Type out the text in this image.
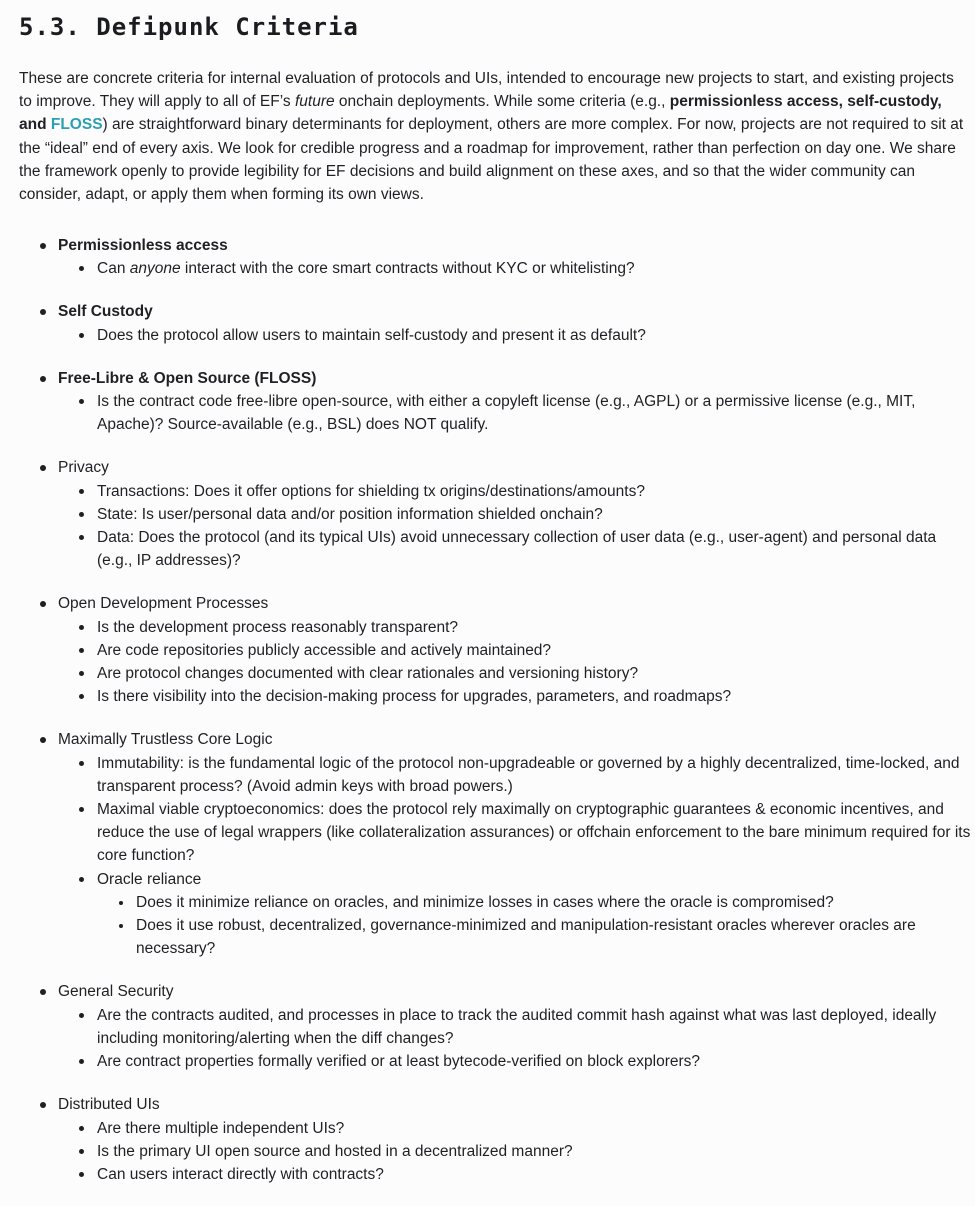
5.3. Defipunk Criteria

These are concrete criteria for internal evaluation of protocols and UIs, intended to encourage new projects to start, and existing projects to improve. They will apply to all of EF’s future onchain deployments. While some criteria (e.g., permissionless access, self-custody, and FLOSS) are straightforward binary determinants for deployment, others are more complex. For now, projects are not required to sit at the “ideal” end of every axis. We look for credible progress and a roadmap for improvement, rather than perfection on day one. We share the framework openly to provide legibility for EF decisions and build alignment on these axes, and so that the wider community can consider, adapt, or apply them when forming its own views.

Permissionless access
Can anyone interact with the core smart contracts without KYC or whitelisting?
Self Custody
Does the protocol allow users to maintain self-custody and present it as default?
Free-Libre & Open Source (FLOSS)
Is the contract code free-libre open-source, with either a copyleft license (e.g., AGPL) or a permissive license (e.g., MIT, Apache)? Source-available (e.g., BSL) does NOT qualify.
Privacy
Transactions: Does it offer options for shielding tx origins/destinations/amounts?
State: Is user/personal data and/or position information shielded onchain?
Data: Does the protocol (and its typical UIs) avoid unnecessary collection of user data (e.g., user-agent) and personal data (e.g., IP addresses)?
Open Development Processes
Is the development process reasonably transparent?
Are code repositories publicly accessible and actively maintained?
Are protocol changes documented with clear rationales and versioning history?
Is there visibility into the decision-making process for upgrades, parameters, and roadmaps?
Maximally Trustless Core Logic
Immutability: is the fundamental logic of the protocol non-upgradeable or governed by a highly decentralized, time-locked, and transparent process? (Avoid admin keys with broad powers.)
Maximal viable cryptoeconomics: does the protocol rely maximally on cryptographic guarantees & economic incentives, and reduce the use of legal wrappers (like collateralization assurances) or offchain enforcement to the bare minimum required for its core function?
Oracle reliance
Does it minimize reliance on oracles, and minimize losses in cases where the oracle is compromised?
Does it use robust, decentralized, governance-minimized and manipulation-resistant oracles wherever oracles are necessary?
General Security
Are the contracts audited, and processes in place to track the audited commit hash against what was last deployed, ideally including monitoring/alerting when the diff changes?
Are contract properties formally verified or at least bytecode-verified on block explorers?
Distributed UIs
Are there multiple independent UIs?
Is the primary UI open source and hosted in a decentralized manner?
Can users interact directly with contracts?
